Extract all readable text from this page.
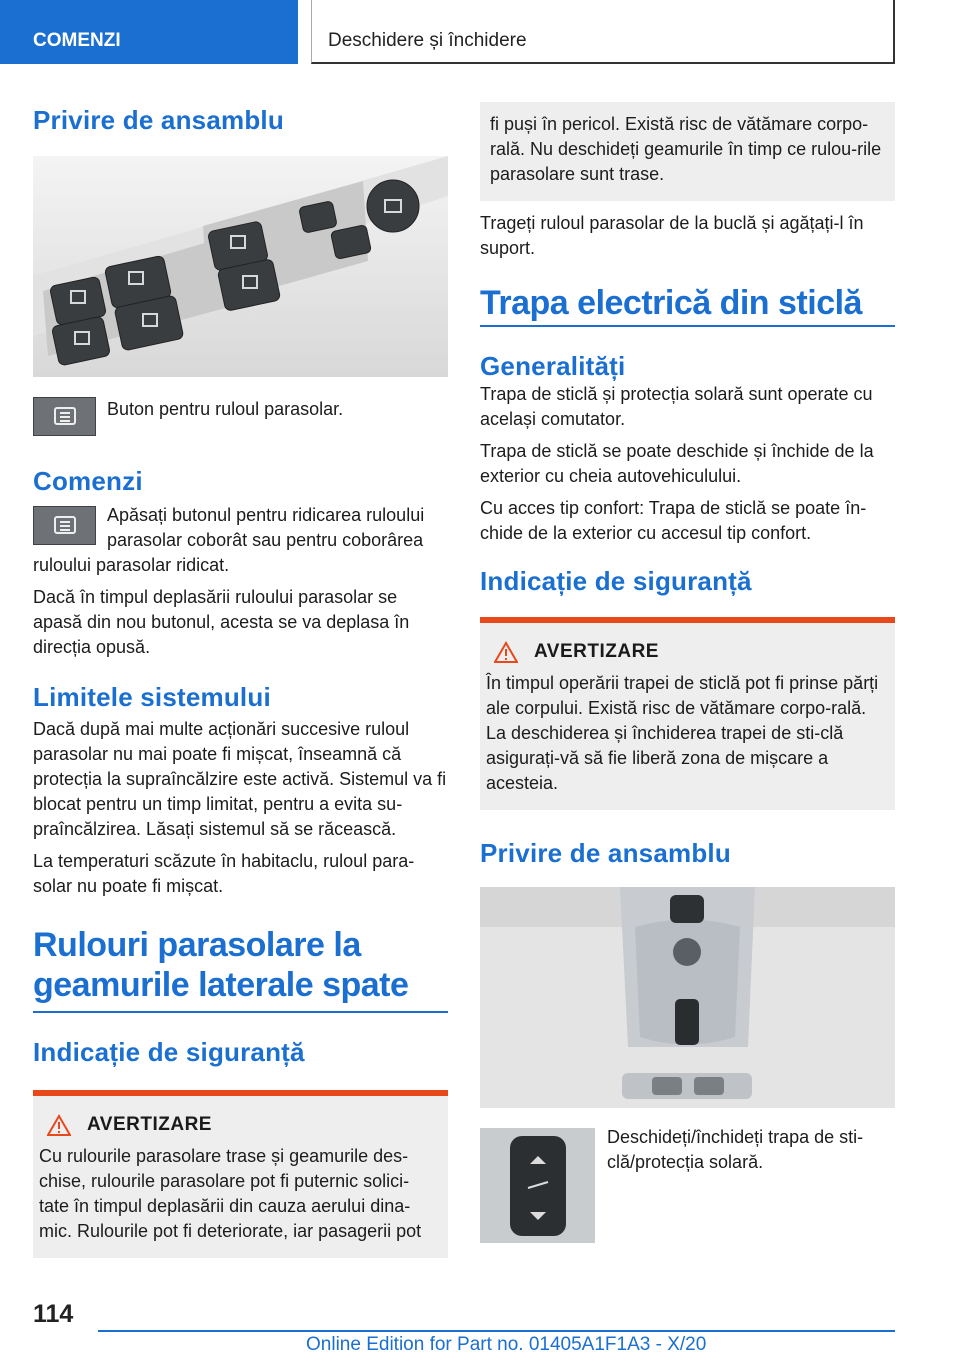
COMENZI	Deschidere și închidere
Privire de ansamblu

Buton pentru ruloul parasolar.

Comenzi

Apăsați butonul pentru ridicarea ruloului parasolar coborât sau pentru coborârea ruloului parasolar ridicat.

Dacă în timpul deplasării ruloului parasolar se apasă din nou butonul, acesta se va deplasa în direcția opusă.

Limitele sistemului

Dacă după mai multe acționări succesive ruloul parasolar nu mai poate fi mișcat, înseamnă că protecția la supraîncălzire este activă. Sistemul va fi blocat pentru un timp limitat, pentru a evita su-praîncălzirea. Lăsați sistemul să se răcească.

La temperaturi scăzute în habitaclu, ruloul para-solar nu poate fi mișcat.

Rulouri parasolare la geamurile laterale spate
Indicație de siguranță
AVERTIZARE

Cu rulourile parasolare trase și geamurile des-chise, rulourile parasolare pot fi puternic solici-tate în timpul deplasării din cauza aerului dina-mic. Rulourile pot fi deteriorate, iar pasagerii pot

fi puși în pericol. Există risc de vătămare corpo-rală. Nu deschideți geamurile în timp ce rulou-rile parasolare sunt trase.

Trageți ruloul parasolar de la buclă și agățați-l în suport.

Trapa electrică din sticlă
Generalități

Trapa de sticlă și protecția solară sunt operate cu același comutator.

Trapa de sticlă se poate deschide și închide de la exterior cu cheia autovehiculului.

Cu acces tip confort: Trapa de sticlă se poate în-chide de la exterior cu accesul tip confort.

Indicație de siguranță
AVERTIZARE

În timpul operării trapei de sticlă pot fi prinse părți ale corpului. Există risc de vătămare corpo-rală. La deschiderea și închiderea trapei de sti-clă asigurați-vă să fie liberă zona de mișcare a acesteia.

Privire de ansamblu

Deschideți/închideți trapa de sti-clă/protecția solară.

114
Online Edition for Part no. 01405A1F1A3 - X/20
